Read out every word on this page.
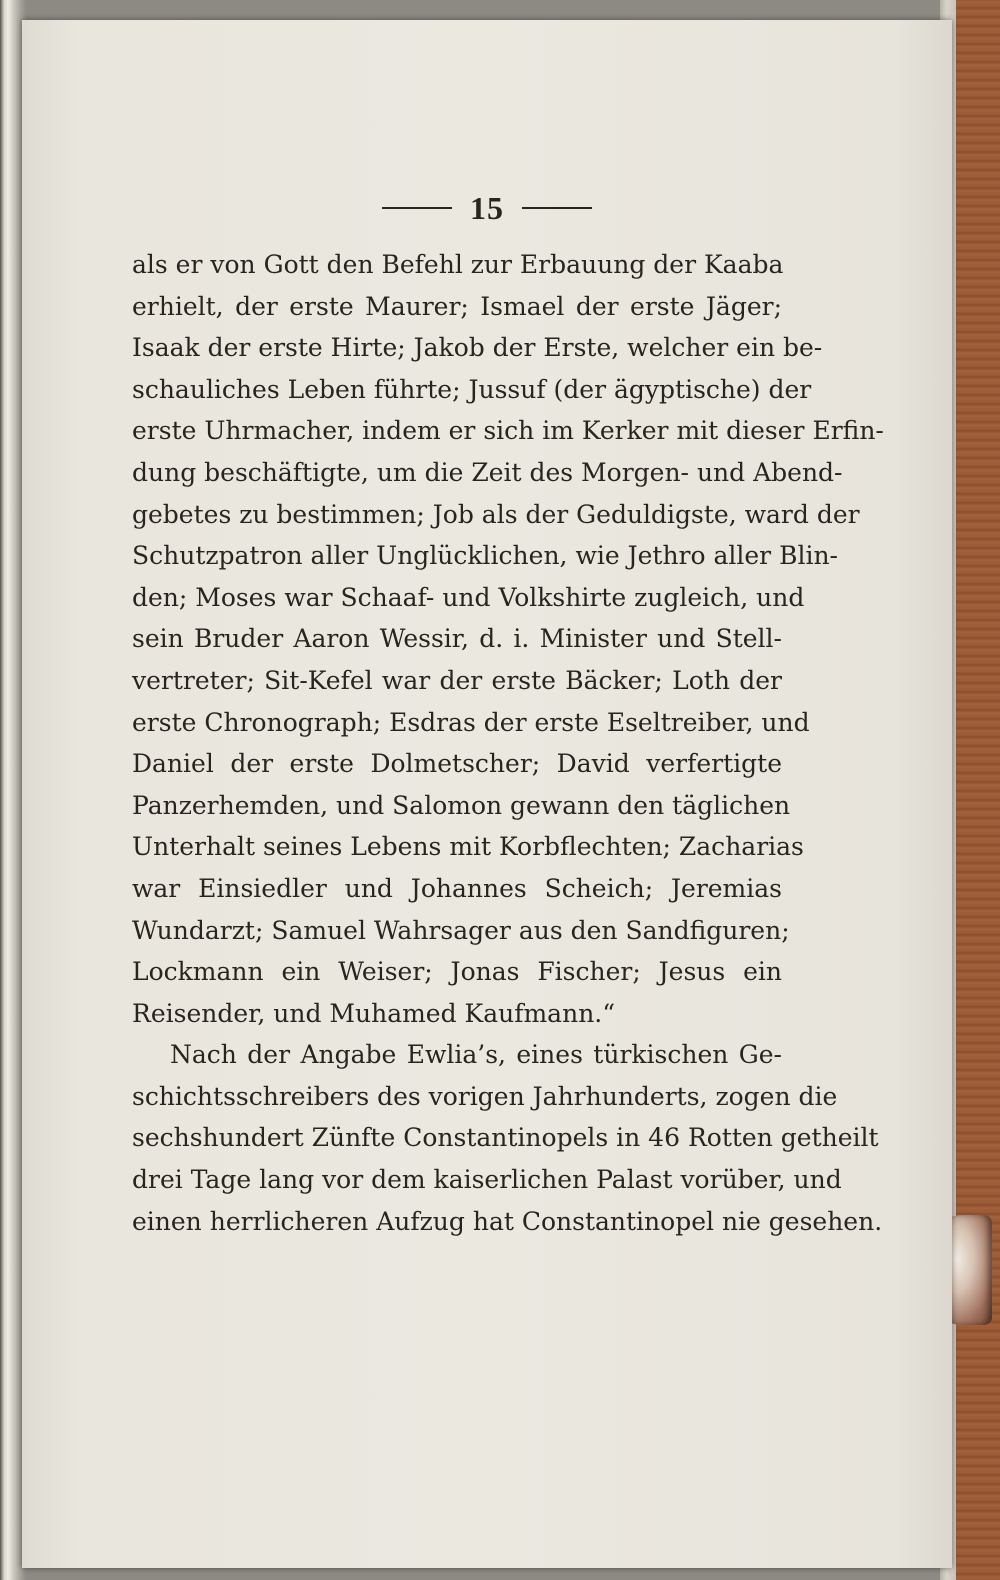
15
als er von Gott den Befehl zur Erbauung der Kaaba
erhielt, der erste Maurer; Ismael der erste Jäger;
Isaak der erste Hirte; Jakob der Erste, welcher ein be-
schauliches Leben führte; Jussuf (der ägyptische) der
erste Uhrmacher, indem er sich im Kerker mit dieser Erfin-
dung beschäftigte, um die Zeit des Morgen- und Abend-
gebetes zu bestimmen; Job als der Geduldigste, ward der
Schutzpatron aller Unglücklichen, wie Jethro aller Blin-
den; Moses war Schaaf- und Volkshirte zugleich, und
sein Bruder Aaron Wessir, d. i. Minister und Stell-
vertreter; Sit-Kefel war der erste Bäcker; Loth der
erste Chronograph; Esdras der erste Eseltreiber, und
Daniel der erste Dolmetscher; David verfertigte
Panzerhemden, und Salomon gewann den täglichen
Unterhalt seines Lebens mit Korbflechten; Zacharias
war Einsiedler und Johannes Scheich; Jeremias
Wundarzt; Samuel Wahrsager aus den Sandfiguren;
Lockmann ein Weiser; Jonas Fischer; Jesus ein
Reisender, und Muhamed Kaufmann.“
Nach der Angabe Ewlia’s, eines türkischen Ge-
schichtsschreibers des vorigen Jahrhunderts, zogen die
sechshundert Zünfte Constantinopels in 46 Rotten getheilt
drei Tage lang vor dem kaiserlichen Palast vorüber, und
einen herrlicheren Aufzug hat Constantinopel nie gesehen.
